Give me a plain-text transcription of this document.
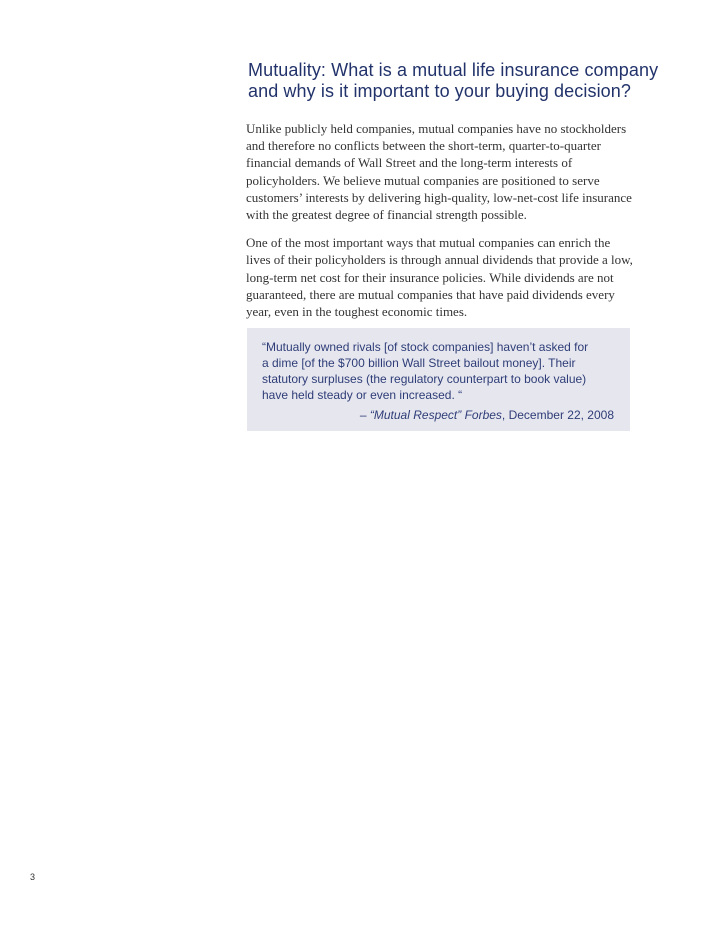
Mutuality: What is a mutual life insurance company
and why is it important to your buying decision?

Unlike publicly held companies, mutual companies have no stockholders
and therefore no conflicts between the short-term, quarter-to-quarter
financial demands of Wall Street and the long-term interests of
policyholders. We believe mutual companies are positioned to serve
customers’ interests by delivering high-quality, low-net-cost life insurance
with the greatest degree of financial strength possible.

One of the most important ways that mutual companies can enrich the
lives of their policyholders is through annual dividends that provide a low,
long-term net cost for their insurance policies. While dividends are not
guaranteed, there are mutual companies that have paid dividends every
year, even in the toughest economic times.

“Mutually owned rivals [of stock companies] haven’t asked for
a dime [of the $700 billion Wall Street bailout money]. Their
statutory surpluses (the regulatory counterpart to book value)
have held steady or even increased. “
– “Mutual Respect” Forbes, December 22, 2008
3
